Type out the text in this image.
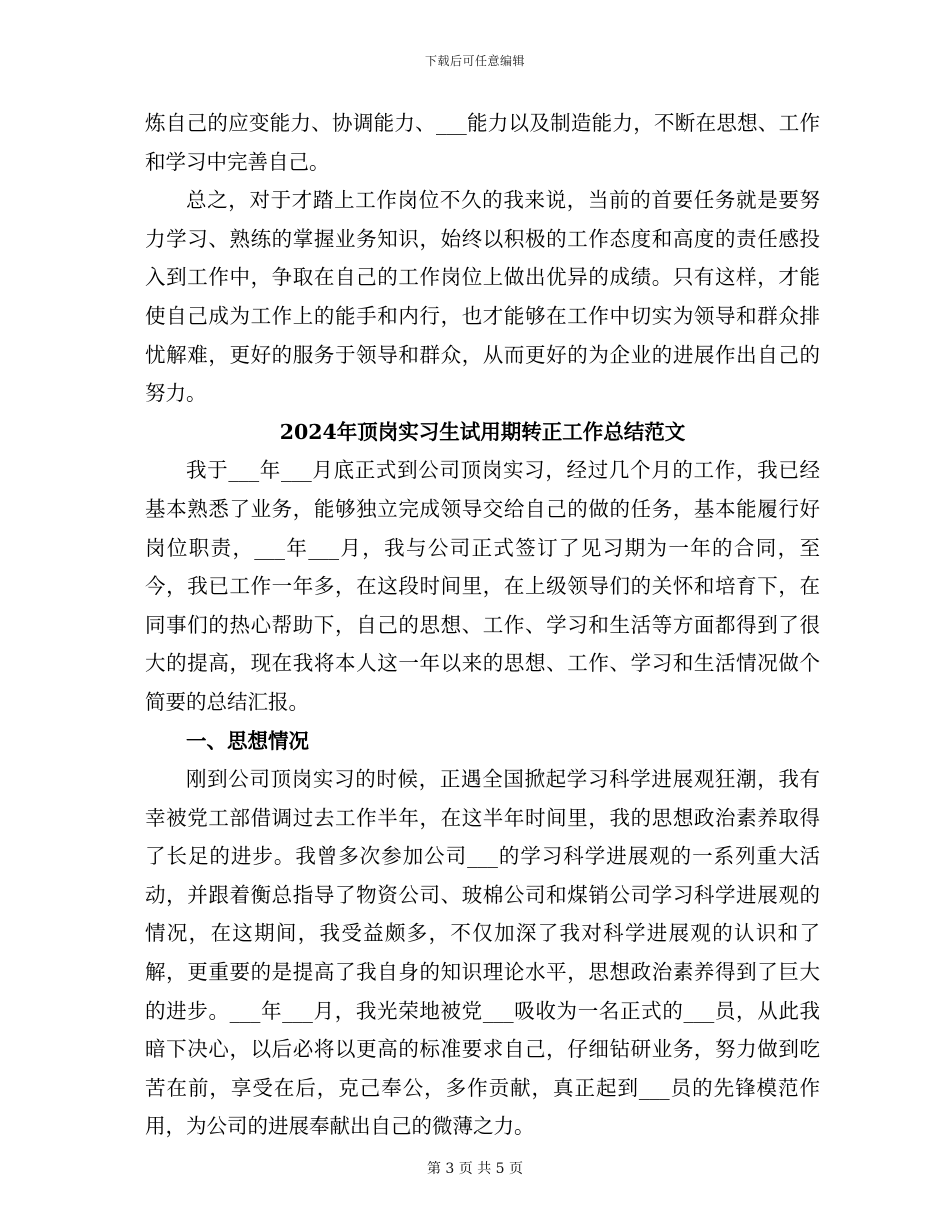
下载后可任意编辑

炼自己的应变能力、协调能力、___能力以及制造能力，不断在思想、工作和学习中完善自己。

总之，对于才踏上工作岗位不久的我来说，当前的首要任务就是要努力学习、熟练的掌握业务知识，始终以积极的工作态度和高度的责任感投入到工作中，争取在自己的工作岗位上做出优异的成绩。只有这样，才能使自己成为工作上的能手和内行，也才能够在工作中切实为领导和群众排忧解难，更好的服务于领导和群众，从而更好的为企业的进展作出自己的努力。

2024年顶岗实习生试用期转正工作总结范文

我于___年___月底正式到公司顶岗实习，经过几个月的工作，我已经基本熟悉了业务，能够独立完成领导交给自己的做的任务，基本能履行好岗位职责，___年___月，我与公司正式签订了见习期为一年的合同，至今，我已工作一年多，在这段时间里，在上级领导们的关怀和培育下，在同事们的热心帮助下，自己的思想、工作、学习和生活等方面都得到了很大的提高，现在我将本人这一年以来的思想、工作、学习和生活情况做个简要的总结汇报。

一、思想情况

刚到公司顶岗实习的时候，正遇全国掀起学习科学进展观狂潮，我有幸被党工部借调过去工作半年，在这半年时间里，我的思想政治素养取得了长足的进步。我曾多次参加公司___的学习科学进展观的一系列重大活动，并跟着衡总指导了物资公司、玻棉公司和煤销公司学习科学进展观的情况，在这期间，我受益颇多，不仅加深了我对科学进展观的认识和了解，更重要的是提高了我自身的知识理论水平，思想政治素养得到了巨大的进步。___年___月，我光荣地被党___吸收为一名正式的___员，从此我暗下决心，以后必将以更高的标准要求自己，仔细钻研业务，努力做到吃苦在前，享受在后，克己奉公，多作贡献，真正起到___员的先锋模范作用，为公司的进展奉献出自己的微薄之力。

第 3 页 共 5 页
